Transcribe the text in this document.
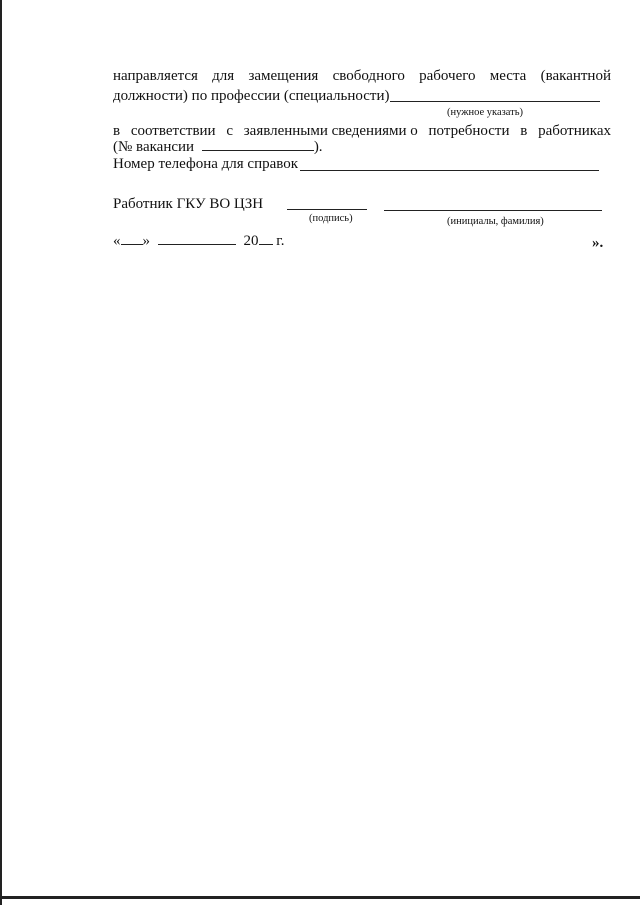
направляется для замещения свободного рабочего места (вакантной
должности) по профессии (специальности)
(нужное указать)
в соответствии с заявленными сведениями о потребности в работниках
(№ вакансии	).
Номер телефона для справок
Работник ГКУ ВО ЦЗН
(подпись)	(инициалы, фамилия)
« »	20 г.	».
